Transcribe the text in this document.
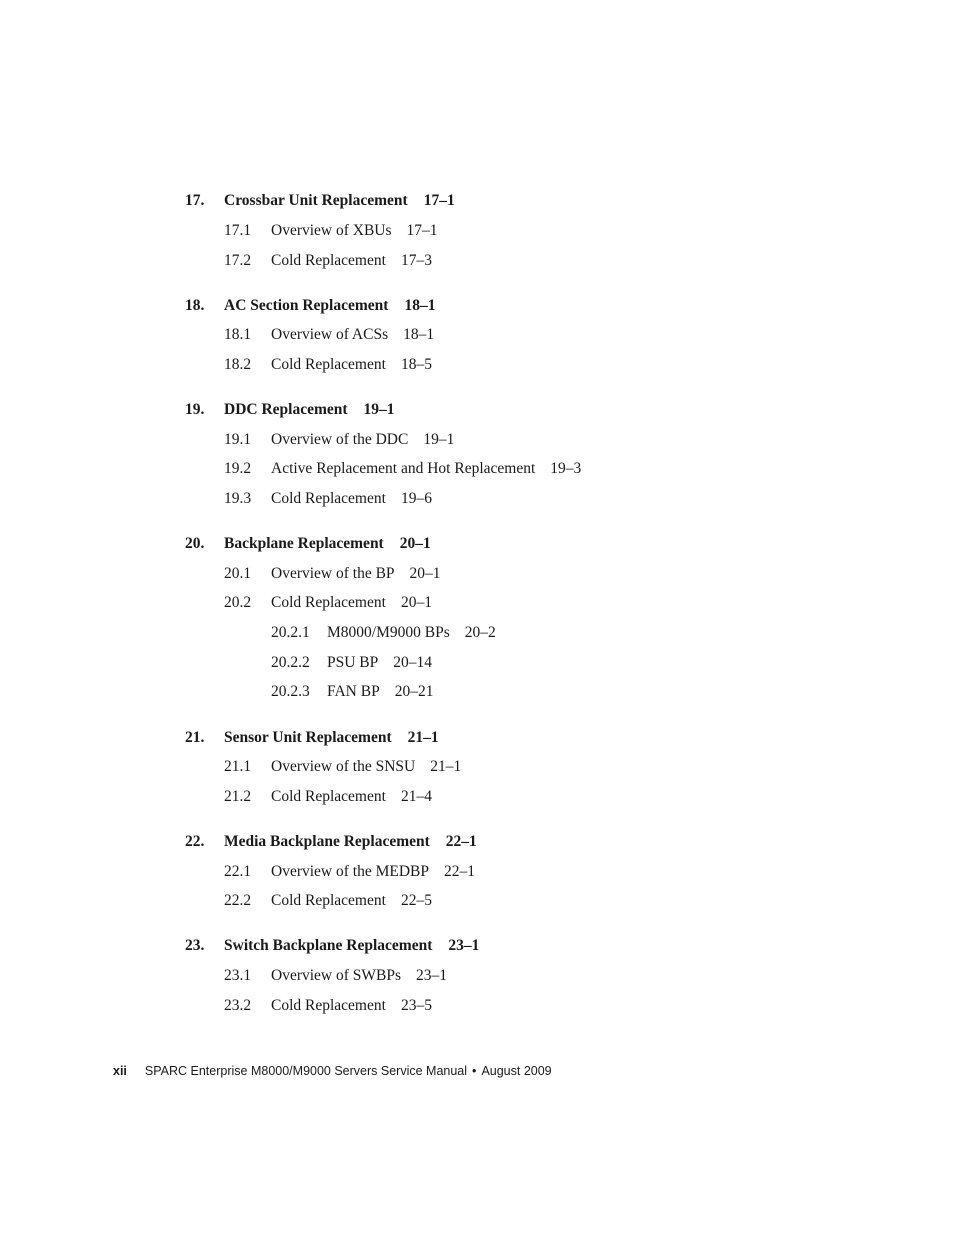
17. Crossbar Unit Replacement 17–1
17.1 Overview of XBUs 17–1
17.2 Cold Replacement 17–3
18. AC Section Replacement 18–1
18.1 Overview of ACSs 18–1
18.2 Cold Replacement 18–5
19. DDC Replacement 19–1
19.1 Overview of the DDC 19–1
19.2 Active Replacement and Hot Replacement 19–3
19.3 Cold Replacement 19–6
20. Backplane Replacement 20–1
20.1 Overview of the BP 20–1
20.2 Cold Replacement 20–1
20.2.1 M8000/M9000 BPs 20–2
20.2.2 PSU BP 20–14
20.2.3 FAN BP 20–21
21. Sensor Unit Replacement 21–1
21.1 Overview of the SNSU 21–1
21.2 Cold Replacement 21–4
22. Media Backplane Replacement 22–1
22.1 Overview of the MEDBP 22–1
22.2 Cold Replacement 22–5
23. Switch Backplane Replacement 23–1
23.1 Overview of SWBPs 23–1
23.2 Cold Replacement 23–5
xii SPARC Enterprise M8000/M9000 Servers Service Manual • August 2009
